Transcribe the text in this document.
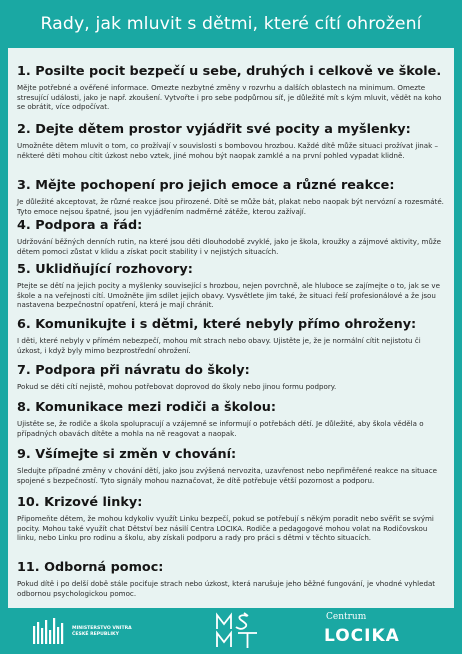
Rady, jak mluvit s dětmi, které cítí ohrožení
1. Posilte pocit bezpečí u sebe, druhých i celkově ve škole.

Mějte potřebné a ověřené informace. Omezte nezbytné změny v rozvrhu a dalších oblastech na minimum. Omezte stresující události, jako je např. zkoušení. Vytvořte i pro sebe podpůrnou síť, je důležité mít s kým mluvit, vědět na koho se obrátit, více odpočívat.

2. Dejte dětem prostor vyjádřit své pocity a myšlenky:

Umožněte dětem mluvit o tom, co prožívají v souvislosti s bombovou hrozbou. Každé dítě může situaci prožívat jinak – některé děti mohou cítit úzkost nebo vztek, jiné mohou být naopak zamklé a na první pohled vypadat klidně.

3. Mějte pochopení pro jejich emoce a různé reakce:

Je důležité akceptovat, že různé reakce jsou přirozené. Dítě se může bát, plakat nebo naopak být nervózní a rozesmáté. Tyto emoce nejsou špatné, jsou jen vyjádřením nadměrné zátěže, kterou zažívají.

4. Podpora a řád:

Udržování běžných denních rutin, na které jsou děti dlouhodobě zvyklé, jako je škola, kroužky a zájmové aktivity, může dětem pomoci zůstat v klidu a získat pocit stability i v nejistých situacích.

5. Uklidňující rozhovory:

Ptejte se dětí na jejich pocity a myšlenky související s hrozbou, nejen povrchně, ale hluboce se zajímejte o to, jak se ve škole a na veřejnosti cítí. Umožněte jim sdílet jejich obavy. Vysvětlete jim také, že situaci řeší profesionálové a že jsou nastavena bezpečnostní opatření, která je mají chránit.

6. Komunikujte i s dětmi, které nebyly přímo ohroženy:

I děti, které nebyly v přímém nebezpečí, mohou mít strach nebo obavy. Ujistěte je, že je normální cítit nejistotu či úzkost, i když byly mimo bezprostřední ohrožení.

7. Podpora při návratu do školy:

Pokud se děti cítí nejistě, mohou potřebovat doprovod do školy nebo jinou formu podpory.

8. Komunikace mezi rodiči a školou:

Ujistěte se, že rodiče a škola spolupracují a vzájemně se informují o potřebách dětí. Je důležité, aby škola věděla o případných obavách dítěte a mohla na ně reagovat a naopak.

9. Všímejte si změn v chování:

Sledujte případné změny v chování dětí, jako jsou zvýšená nervozita, uzavřenost nebo nepřiměřené reakce na situace spojené s bezpečností. Tyto signály mohou naznačovat, že dítě potřebuje větší pozornost a podporu.

10. Krizové linky:

Připomeňte dětem, že mohou kdykoliv využít Linku bezpečí, pokud se potřebují s někým poradit nebo svěřit se svými pocity. Mohou také využít chat Dětství bez násilí Centra LOCIKA. Rodiče a pedagogové mohou volat na Rodičovskou linku, nebo Linku pro rodinu a školu, aby získali podporu a rady pro práci s dětmi v těchto situacích.

11. Odborná pomoc:

Pokud dítě i po delší době stále pociťuje strach nebo úzkost, která narušuje jeho běžné fungování, je vhodné vyhledat odbornou psychologickou pomoc.

MINISTERSTVO VNITRA
ČESKÉ REPUBLIKY
Centrum
LOCIKA
